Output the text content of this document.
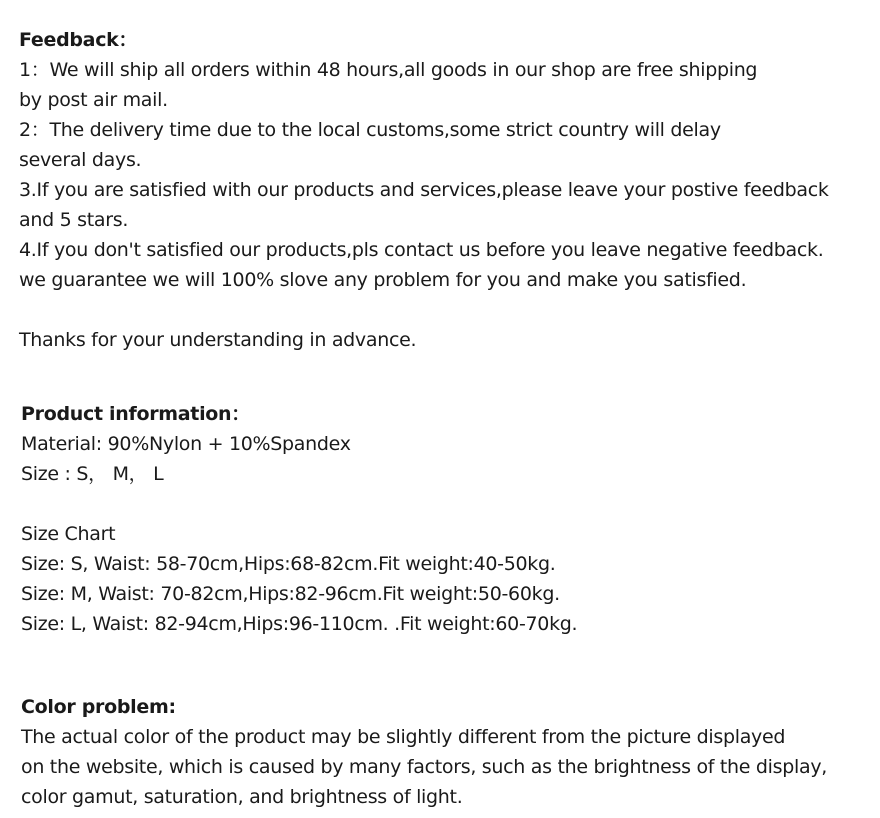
Feedback：
1：We will ship all orders within 48 hours,all goods in our shop are free shipping
by post air mail.
2：The delivery time due to the local customs,some strict country will delay
several days.
3.If you are satisfied with our products and services,please leave your postive feedback
and 5 stars.
4.If you don't satisfied our products,pls contact us before you leave negative feedback.
we guarantee we will 100% slove any problem for you and make you satisfied.
Thanks for your understanding in advance.
Product information：
Material: 90%Nylon + 10%Spandex
Size : S， M， L
Size Chart
Size: S, Waist: 58-70cm,Hips:68-82cm.Fit weight:40-50kg.
Size: M, Waist: 70-82cm,Hips:82-96cm.Fit weight:50-60kg.
Size: L, Waist: 82-94cm,Hips:96-110cm. .Fit weight:60-70kg.
Color problem:
The actual color of the product may be slightly different from the picture displayed
on the website, which is caused by many factors, such as the brightness of the display,
color gamut, saturation, and brightness of light.
